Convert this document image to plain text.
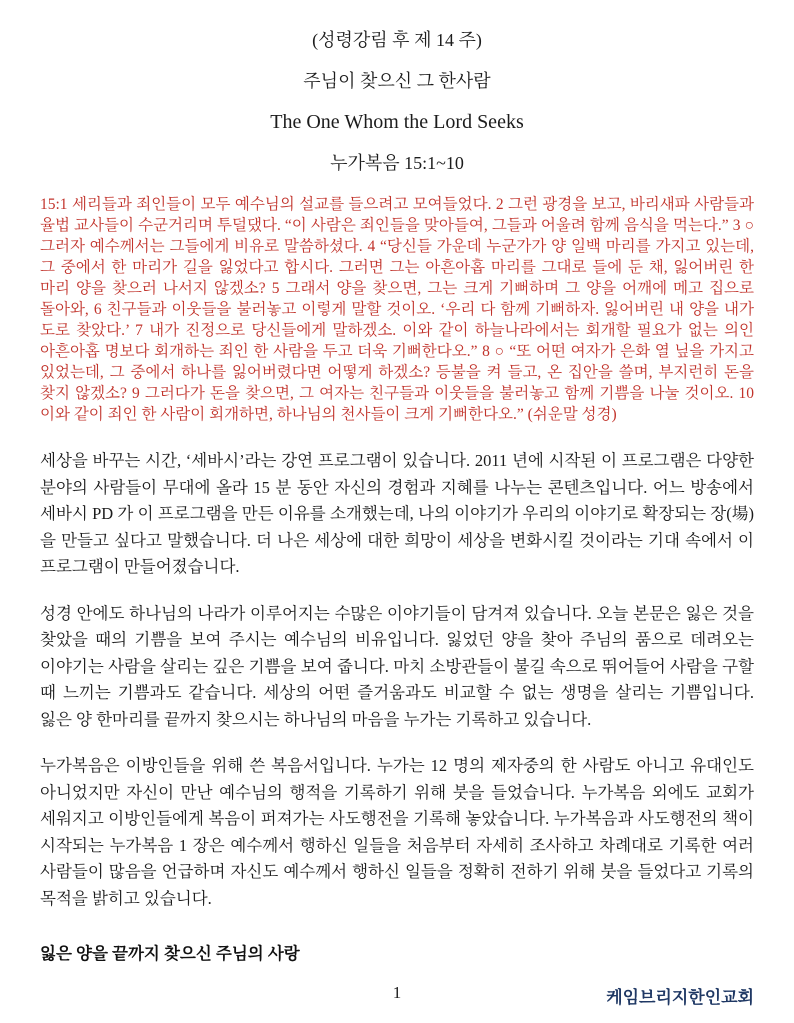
(성령강림 후 제 14 주)

주님이 찾으신 그 한사람

The One Whom the Lord Seeks

누가복음 15:1~10

15:1 세리들과 죄인들이 모두 예수님의 설교를 들으려고 모여들었다. 2 그런 광경을 보고, 바리새파 사람들과 율법 교사들이 수군거리며 투덜댔다. “이 사람은 죄인들을 맞아들여, 그들과 어울려 함께 음식을 먹는다.” 3 ○ 그러자 예수께서는 그들에게 비유로 말씀하셨다. 4 “당신들 가운데 누군가가 양 일백 마리를 가지고 있는데, 그 중에서 한 마리가 길을 잃었다고 합시다. 그러면 그는 아흔아홉 마리를 그대로 들에 둔 채, 잃어버린 한 마리 양을 찾으러 나서지 않겠소? 5 그래서 양을 찾으면, 그는 크게 기뻐하며 그 양을 어깨에 메고 집으로 돌아와, 6 친구들과 이웃들을 불러놓고 이렇게 말할 것이오. ‘우리 다 함께 기뻐하자. 잃어버린 내 양을 내가 도로 찾았다.’ 7 내가 진정으로 당신들에게 말하겠소. 이와 같이 하늘나라에서는 회개할 필요가 없는 의인 아흔아홉 명보다 회개하는 죄인 한 사람을 두고 더욱 기뻐한다오.” 8 ○ “또 어떤 여자가 은화 열 닢을 가지고 있었는데, 그 중에서 하나를 잃어버렸다면 어떻게 하겠소? 등불을 켜 들고, 온 집안을 쓸며, 부지런히 돈을 찾지 않겠소? 9 그러다가 돈을 찾으면, 그 여자는 친구들과 이웃들을 불러놓고 함께 기쁨을 나눌 것이오. 10 이와 같이 죄인 한 사람이 회개하면, 하나님의 천사들이 크게 기뻐한다오.” (쉬운말 성경)

세상을 바꾸는 시간, ‘세바시’라는 강연 프로그램이 있습니다. 2011 년에 시작된 이 프로그램은 다양한 분야의 사람들이 무대에 올라 15 분 동안 자신의 경험과 지혜를 나누는 콘텐츠입니다. 어느 방송에서 세바시 PD 가 이 프로그램을 만든 이유를 소개했는데, 나의 이야기가 우리의 이야기로 확장되는 장(場)을 만들고 싶다고 말했습니다. 더 나은 세상에 대한 희망이 세상을 변화시킬 것이라는 기대 속에서 이 프로그램이 만들어졌습니다.

성경 안에도 하나님의 나라가 이루어지는 수많은 이야기들이 담겨져 있습니다. 오늘 본문은 잃은 것을 찾았을 때의 기쁨을 보여 주시는 예수님의 비유입니다. 잃었던 양을 찾아 주님의 품으로 데려오는 이야기는 사람을 살리는 깊은 기쁨을 보여 줍니다. 마치 소방관들이 불길 속으로 뛰어들어 사람을 구할 때 느끼는 기쁨과도 같습니다. 세상의 어떤 즐거움과도 비교할 수 없는 생명을 살리는 기쁨입니다. 잃은 양 한마리를 끝까지 찾으시는 하나님의 마음을 누가는 기록하고 있습니다.

누가복음은 이방인들을 위해 쓴 복음서입니다. 누가는 12 명의 제자중의 한 사람도 아니고 유대인도 아니었지만 자신이 만난 예수님의 행적을 기록하기 위해 붓을 들었습니다. 누가복음 외에도 교회가 세워지고 이방인들에게 복음이 퍼져가는 사도행전을 기록해 놓았습니다. 누가복음과 사도행전의 책이 시작되는 누가복음 1 장은 예수께서 행하신 일들을 처음부터 자세히 조사하고 차례대로 기록한 여러 사람들이 많음을 언급하며 자신도 예수께서 행하신 일들을 정확히 전하기 위해 붓을 들었다고 기록의 목적을 밝히고 있습니다.

잃은 양을 끝까지 찾으신 주님의 사랑

1	케임브리지한인교회
